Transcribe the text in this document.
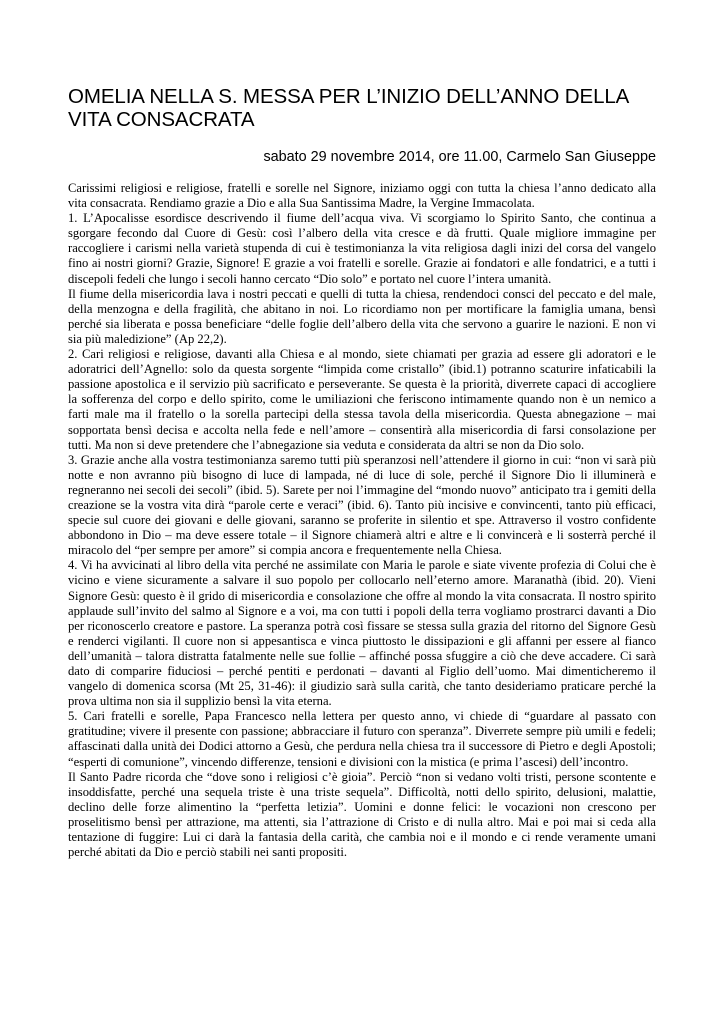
OMELIA NELLA S. MESSA PER L’INIZIO DELL’ANNO DELLA VITA CONSACRATA
sabato 29 novembre 2014, ore 11.00, Carmelo San Giuseppe

Carissimi religiosi e religiose, fratelli e sorelle nel Signore, iniziamo oggi con tutta la chiesa l’anno dedicato alla vita consacrata. Rendiamo grazie a Dio e alla Sua Santissima Madre, la Vergine Immacolata.

1. L’Apocalisse esordisce descrivendo il fiume dell’acqua viva. Vi scorgiamo lo Spirito Santo, che continua a sgorgare fecondo dal Cuore di Gesù: così l’albero della vita cresce e dà frutti. Quale migliore immagine per raccogliere i carismi nella varietà stupenda di cui è testimonianza la vita religiosa dagli inizi del corsa del vangelo fino ai nostri giorni? Grazie, Signore! E grazie a voi fratelli e sorelle. Grazie ai fondatori e alle fondatrici, e a tutti i discepoli fedeli che lungo i secoli hanno cercato “Dio solo” e portato nel cuore l’intera umanità.

Il fiume della misericordia lava i nostri peccati e quelli di tutta la chiesa, rendendoci consci del peccato e del male, della menzogna e della fragilità, che abitano in noi. Lo ricordiamo non per mortificare la famiglia umana, bensì perché sia liberata e possa beneficiare “delle foglie dell’albero della vita che servono a guarire le nazioni. E non vi sia più maledizione” (Ap 22,2).

2. Cari religiosi e religiose, davanti alla Chiesa e al mondo, siete chiamati per grazia ad essere gli adoratori e le adoratrici dell’Agnello: solo da questa sorgente “limpida come cristallo” (ibid.1) potranno scaturire infaticabili la passione apostolica e il servizio più sacrificato e perseverante. Se questa è la priorità, diverrete capaci di accogliere la sofferenza del corpo e dello spirito, come le umiliazioni che feriscono intimamente quando non è un nemico a farti male ma il fratello o la sorella partecipi della stessa tavola della misericordia. Questa abnegazione – mai sopportata bensì decisa e accolta nella fede e nell’amore – consentirà alla misericordia di farsi consolazione per tutti. Ma non si deve pretendere che l’abnegazione sia veduta e considerata da altri se non da Dio solo.

3. Grazie anche alla vostra testimonianza saremo tutti più speranzosi nell’attendere il giorno in cui: “non vi sarà più notte e non avranno più bisogno di luce di lampada, né di luce di sole, perché il Signore Dio li illuminerà e regneranno nei secoli dei secoli” (ibid. 5). Sarete per noi l’immagine del “mondo nuovo” anticipato tra i gemiti della creazione se la vostra vita dirà “parole certe e veraci” (ibid. 6). Tanto più incisive e convincenti, tanto più efficaci, specie sul cuore dei giovani e delle giovani, saranno se proferite in silentio et spe. Attraverso il vostro confidente abbondono in Dio – ma deve essere totale – il Signore chiamerà altri e altre e li convincerà e li sosterrà perché il miracolo del “per sempre per amore” si compia ancora e frequentemente nella Chiesa.

4. Vi ha avvicinati al libro della vita perché ne assimilate con Maria le parole e siate vivente profezia di Colui che è vicino e viene sicuramente a salvare il suo popolo per collocarlo nell’eterno amore. Maranathà (ibid. 20). Vieni Signore Gesù: questo è il grido di misericordia e consolazione che offre al mondo la vita consacrata. Il nostro spirito applaude sull’invito del salmo al Signore e a voi, ma con tutti i popoli della terra vogliamo prostrarci davanti a Dio per riconoscerlo creatore e pastore. La speranza potrà così fissare se stessa sulla grazia del ritorno del Signore Gesù e renderci vigilanti. Il cuore non si appesantisca e vinca piuttosto le dissipazioni e gli affanni per essere al fianco dell’umanità – talora distratta fatalmente nelle sue follie – affinché possa sfuggire a ciò che deve accadere. Ci sarà dato di comparire fiduciosi – perché pentiti e perdonati – davanti al Figlio dell’uomo. Mai dimenticheremo il vangelo di domenica scorsa (Mt 25, 31-46): il giudizio sarà sulla carità, che tanto desideriamo praticare perché la prova ultima non sia il supplizio bensì la vita eterna.

5. Cari fratelli e sorelle, Papa Francesco nella lettera per questo anno, vi chiede di “guardare al passato con gratitudine; vivere il presente con passione; abbracciare il futuro con speranza”. Diverrete sempre più umili e fedeli; affascinati dalla unità dei Dodici attorno a Gesù, che perdura nella chiesa tra il successore di Pietro e degli Apostoli; “esperti di comunione”, vincendo differenze, tensioni e divisioni con la mistica (e prima l’ascesi) dell’incontro.

Il Santo Padre ricorda che “dove sono i religiosi c’è gioia”. Perciò “non si vedano volti tristi, persone scontente e insoddisfatte, perché una sequela triste è una triste sequela”. Difficoltà, notti dello spirito, delusioni, malattie, declino delle forze alimentino la “perfetta letizia”. Uomini e donne felici: le vocazioni non crescono per proselitismo bensì per attrazione, ma attenti, sia l’attrazione di Cristo e di nulla altro. Mai e poi mai si ceda alla tentazione di fuggire: Lui ci darà la fantasia della carità, che cambia noi e il mondo e ci rende veramente umani perché abitati da Dio e perciò stabili nei santi propositi.
